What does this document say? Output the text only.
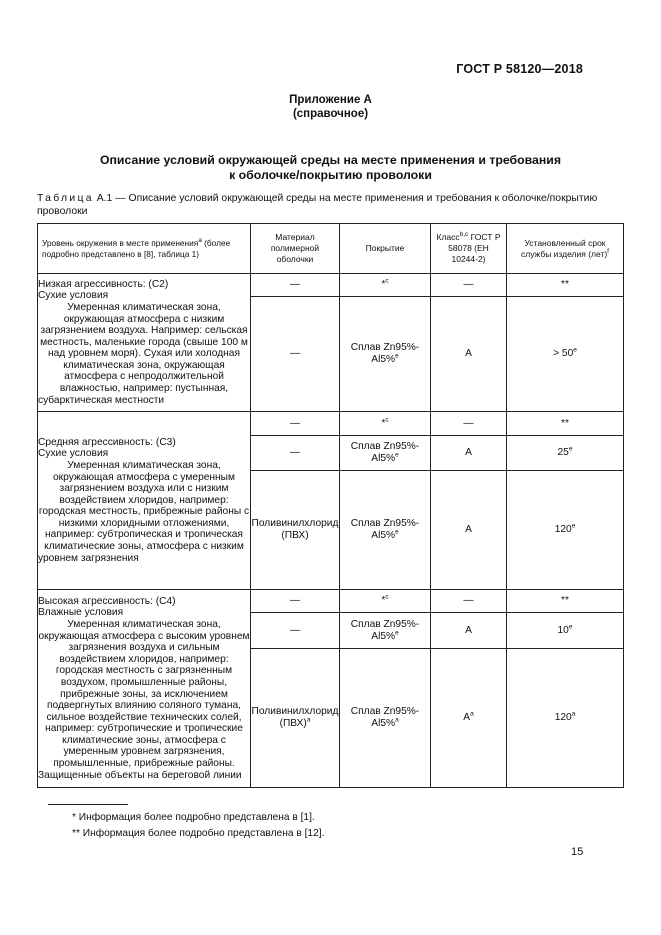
ГОСТ Р 58120—2018
Приложение А
(справочное)
Описание условий окружающей среды на месте применения и требования
к оболочке/покрытию проволоки
Таблица А.1 — Описание условий окружающей среды на месте применения и требования к оболочке/покрытию проволоки
Уровень окружения в месте применения$^a$ (более подробно представлено в [8], таблица 1)	Материал полимерной оболочки	Покрытие	Класс$^{b,c}$ ГОСТ Р 58078 (ЕН 10244-2)	Установленный срок службы изделия (лет)$^f$

Низкая агрессивность: (С2)
Сухие условия
Умеренная климатическая зона, окружающая атмосфера с низким загрязнением воздуха. Например: сельская местность, маленькие города (свыше 100 м над уровнем моря). Сухая или холодная климатическая зона, окружающая атмосфера с непродолжительной влажностью, например: пустынная, субарктическая местности	—	*$^c$	—	**
	—	Сплав Zn95%-Al5%$^e$	А	> $50^e$

Средняя агрессивность: (С3)
Сухие условия
Умеренная климатическая зона, окружающая атмосфера с умеренным загрязнением воздуха или с низким воздействием хлоридов, например: городская местность, прибрежные районы с низкими хлоридными отложениями, например: субтропическая и тропическая климатические зоны, атмосфера с низким уровнем загрязнения	—	*$^c$	—	**
	—	Сплав Zn95%-Al5%$^e$	А	25e
	Поливинилхлорид (ПВХ)	Сплав Zn95%-Al5%$^e$	А	120e

Высокая агрессивность: (С4)
Влажные условия
Умеренная климатическая зона, окружающая атмосфера с высоким уровнем загрязнения воздуха и сильным воздействием хлоридов, например: городская местность с загрязненным воздухом, промышленные районы, прибрежные зоны, за исключением подвергнутых влиянию соляного тумана, сильное воздействие технических солей, например: субтропические и тропические климатические зоны, атмосфера с умеренным уровнем загрязнения, промышленные, прибрежные районы. Защищенные объекты на береговой линии	—	*$^c$	—	**
	—	Сплав Zn95%-Al5%$^e$	А	10e
	Поливинилхлорид (ПВХ)$^a$	Сплав Zn95%-Al5%$^a$	$А^a$	120$^a$
* Информация более подробно представлена в [1].
** Информация более подробно представлена в [12].
15
